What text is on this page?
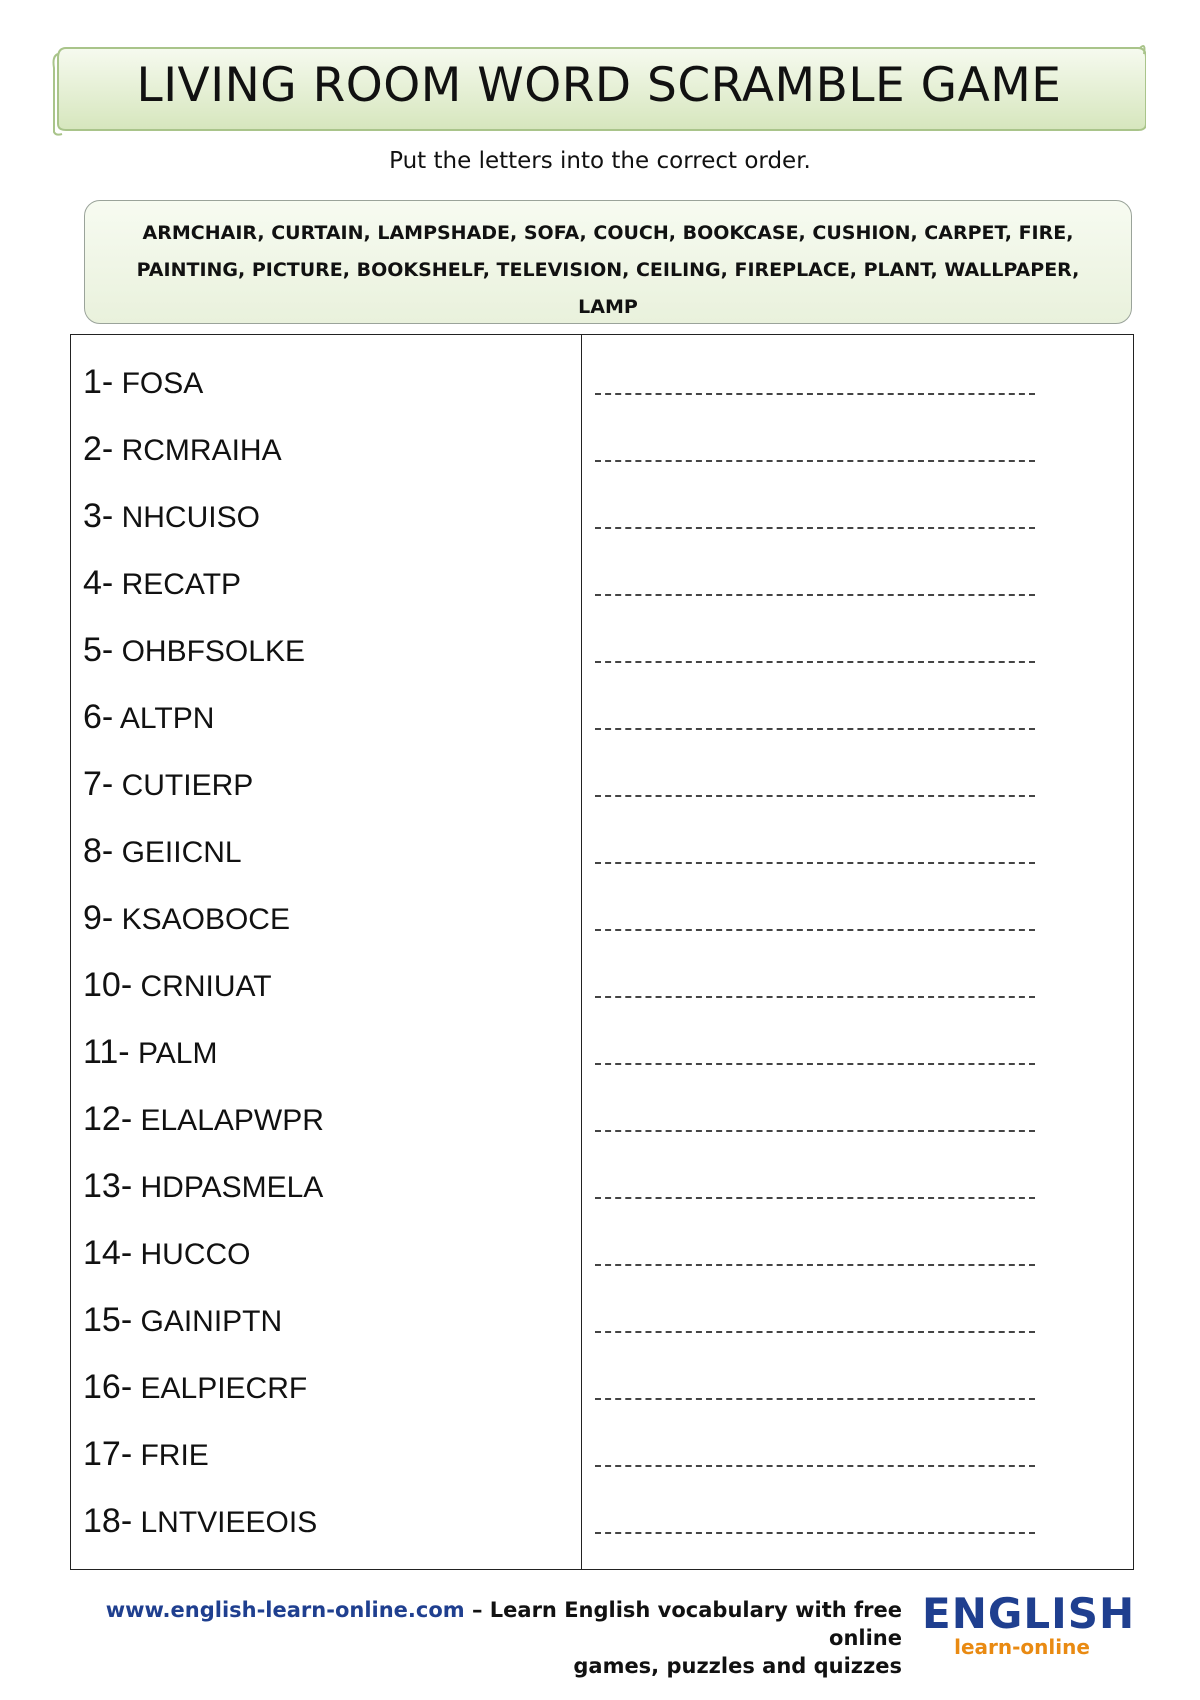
LIVING ROOM WORD SCRAMBLE GAME
Put the letters into the correct order.
ARMCHAIR, CURTAIN, LAMPSHADE, SOFA, COUCH, BOOKCASE, CUSHION, CARPET, FIRE, PAINTING, PICTURE, BOOKSHELF, TELEVISION, CEILING, FIREPLACE, PLANT, WALLPAPER, LAMP
1- FOSA
2- RCMRAIHA
3- NHCUISO
4- RECATP
5- OHBFSOLKE
6- ALTPN
7- CUTIERP
8- GEIICNL
9- KSAOBOCE
10- CRNIUAT
11- PALM
12- ELALAPWPR
13- HDPASMELA
14- HUCCO
15- GAINIPTN
16- EALPIECRF
17- FRIE
18- LNTVIEEOIS
www.english-learn-online.com – Learn English vocabulary with free online
games, puzzles and quizzes
ENGLISH
learn-online
